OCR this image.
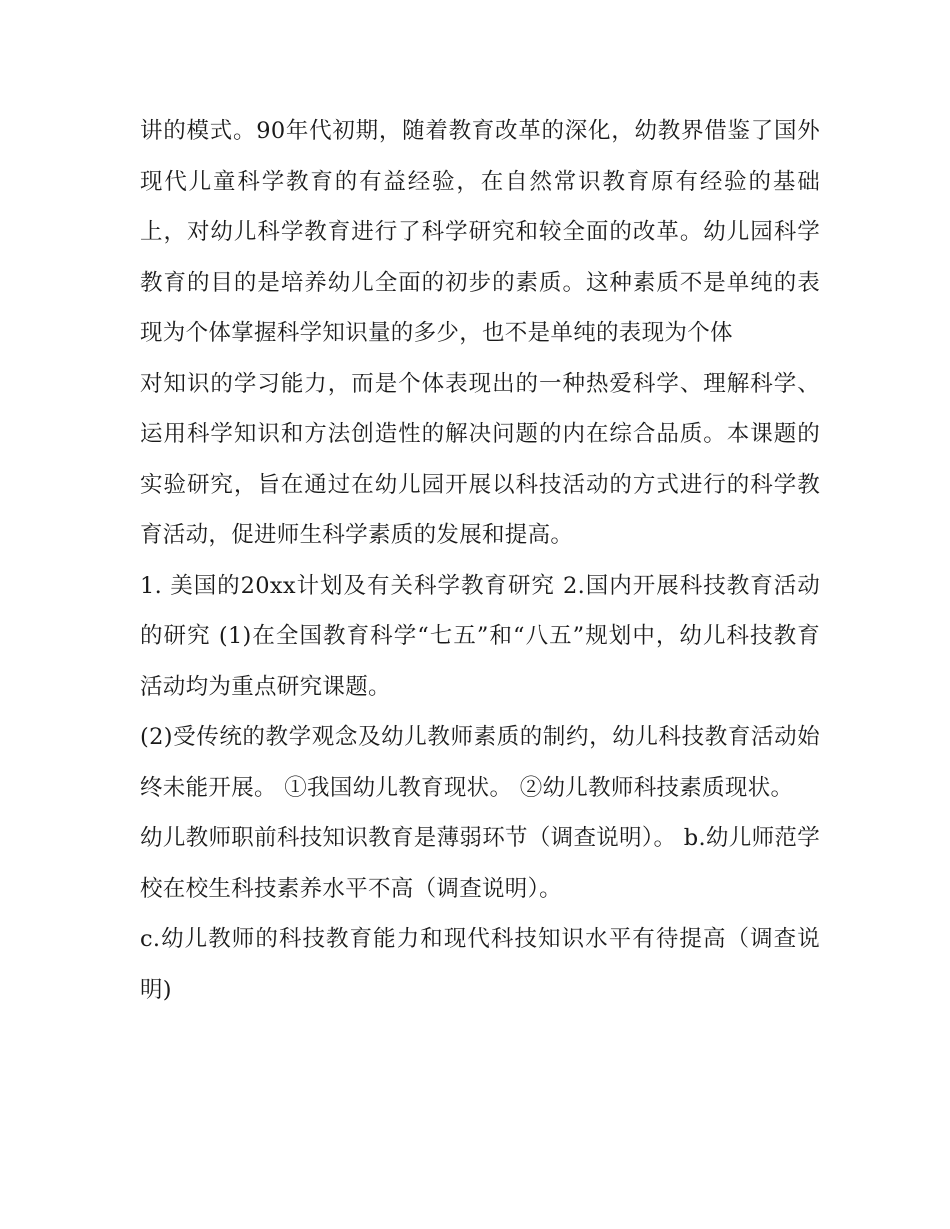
讲的模式。90年代初期，随着教育改革的深化，幼教界借鉴了国外现代儿童科学教育的有益经验，在自然常识教育原有经验的基础上，对幼儿科学教育进行了科学研究和较全面的改革。幼儿园科学教育的目的是培养幼儿全面的初步的素质。这种素质不是单纯的表现为个体掌握科学知识量的多少，也不是单纯的表现为个体

对知识的学习能力，而是个体表现出的一种热爱科学、理解科学、运用科学知识和方法创造性的解决问题的内在综合品质。本课题的实验研究，旨在通过在幼儿园开展以科技活动的方式进行的科学教育活动，促进师生科学素质的发展和提高。

1. 美国的20xx计划及有关科学教育研究 2.国内开展科技教育活动的研究 (1)在全国教育科学“七五”和“八五”规划中，幼儿科技教育活动均为重点研究课题。

(2)受传统的教学观念及幼儿教师素质的制约，幼儿科技教育活动始终未能开展。 ①我国幼儿教育现状。 ②幼儿教师科技素质现状。

幼儿教师职前科技知识教育是薄弱环节（调查说明）。 b.幼儿师范学校在校生科技素养水平不高（调查说明）。

c.幼儿教师的科技教育能力和现代科技知识水平有待提高（调查说明)
